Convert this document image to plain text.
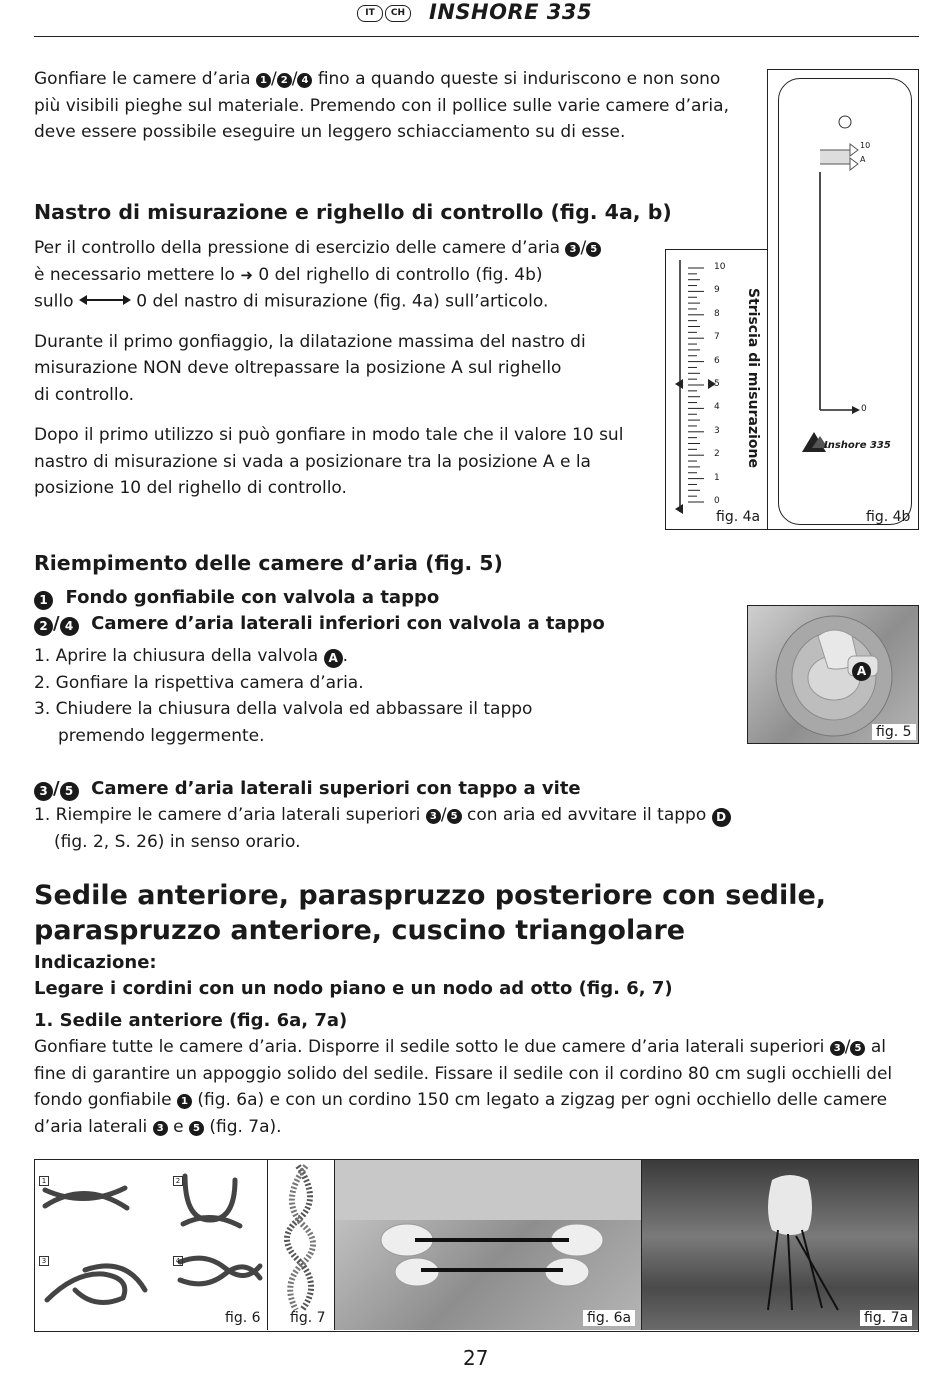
IT	CH INSHORE 335

Gonfiare le camere d’aria 1 / 2 / 4 fino a quando queste si induriscono e non sono

più visibili pieghe sul materiale. Premendo con il pollice sulle varie camere d’aria,

deve essere possibile eseguire un leggero schiacciamento su di esse.

Nastro di misurazione e righello di controllo (fig. 4a, b)

Per il controllo della pressione di esercizio delle camere d’aria 3 / 5

è necessario mettere lo ➜ 0 del righello di controllo (fig. 4b)

sullo	0 del nastro di misurazione (fig. 4a) sull’articolo.

Durante il primo gonfiaggio, la dilatazione massima del nastro di

misurazione NON deve oltrepassare la posizione A sul righello

di controllo.

Dopo il primo utilizzo si può gonfiare in modo tale che il valore 10 sul

nastro di misurazione si vada a posizionare tra la posizione A e la

posizione 10 del righello di controllo.

10
9
8
7
6
5
4
3
2
1
0
Striscia di misurazione
fig. 4a
10
A
0
Inshore 335
fig. 4b
Riempimento delle camere d’aria (fig. 5)

1 Fondo gonfiabile con valvola a tappo

2 / 4 Camere d’aria laterali inferiori con valvola a tappo

1. Aprire la chiusura della valvola A .

2. Gonfiare la rispettiva camera d’aria.

3. Chiudere la chiusura della valvola ed abbassare il tappo

premendo leggermente.

A
fig. 5

3 / 5 Camere d’aria laterali superiori con tappo a vite

1. Riempire le camere d’aria laterali superiori 3 / 5 con aria ed avvitare il tappo D

(fig. 2, S. 26) in senso orario.

Sedile anteriore, paraspruzzo posteriore con sedile,

paraspruzzo anteriore, cuscino triangolare

Indicazione:

Legare i cordini con un nodo piano e un nodo ad otto (fig. 6, 7)

1. Sedile anteriore (fig. 6a, 7a)

Gonfiare tutte le camere d’aria. Disporre il sedile sotto le due camere d’aria laterali superiori 3 / 5 al

fine di garantire un appoggio solido del sedile. Fissare il sedile con il cordino 80 cm sugli occhielli del

fondo gonfiabile 1 (fig. 6a) e con un cordino 150 cm legato a zigzag per ogni occhiello delle camere

d’aria laterali 3 e 5 (fig. 7a).

1	2
3	4
fig. 6 fig. 7	fig. 6a	fig. 7a
27
